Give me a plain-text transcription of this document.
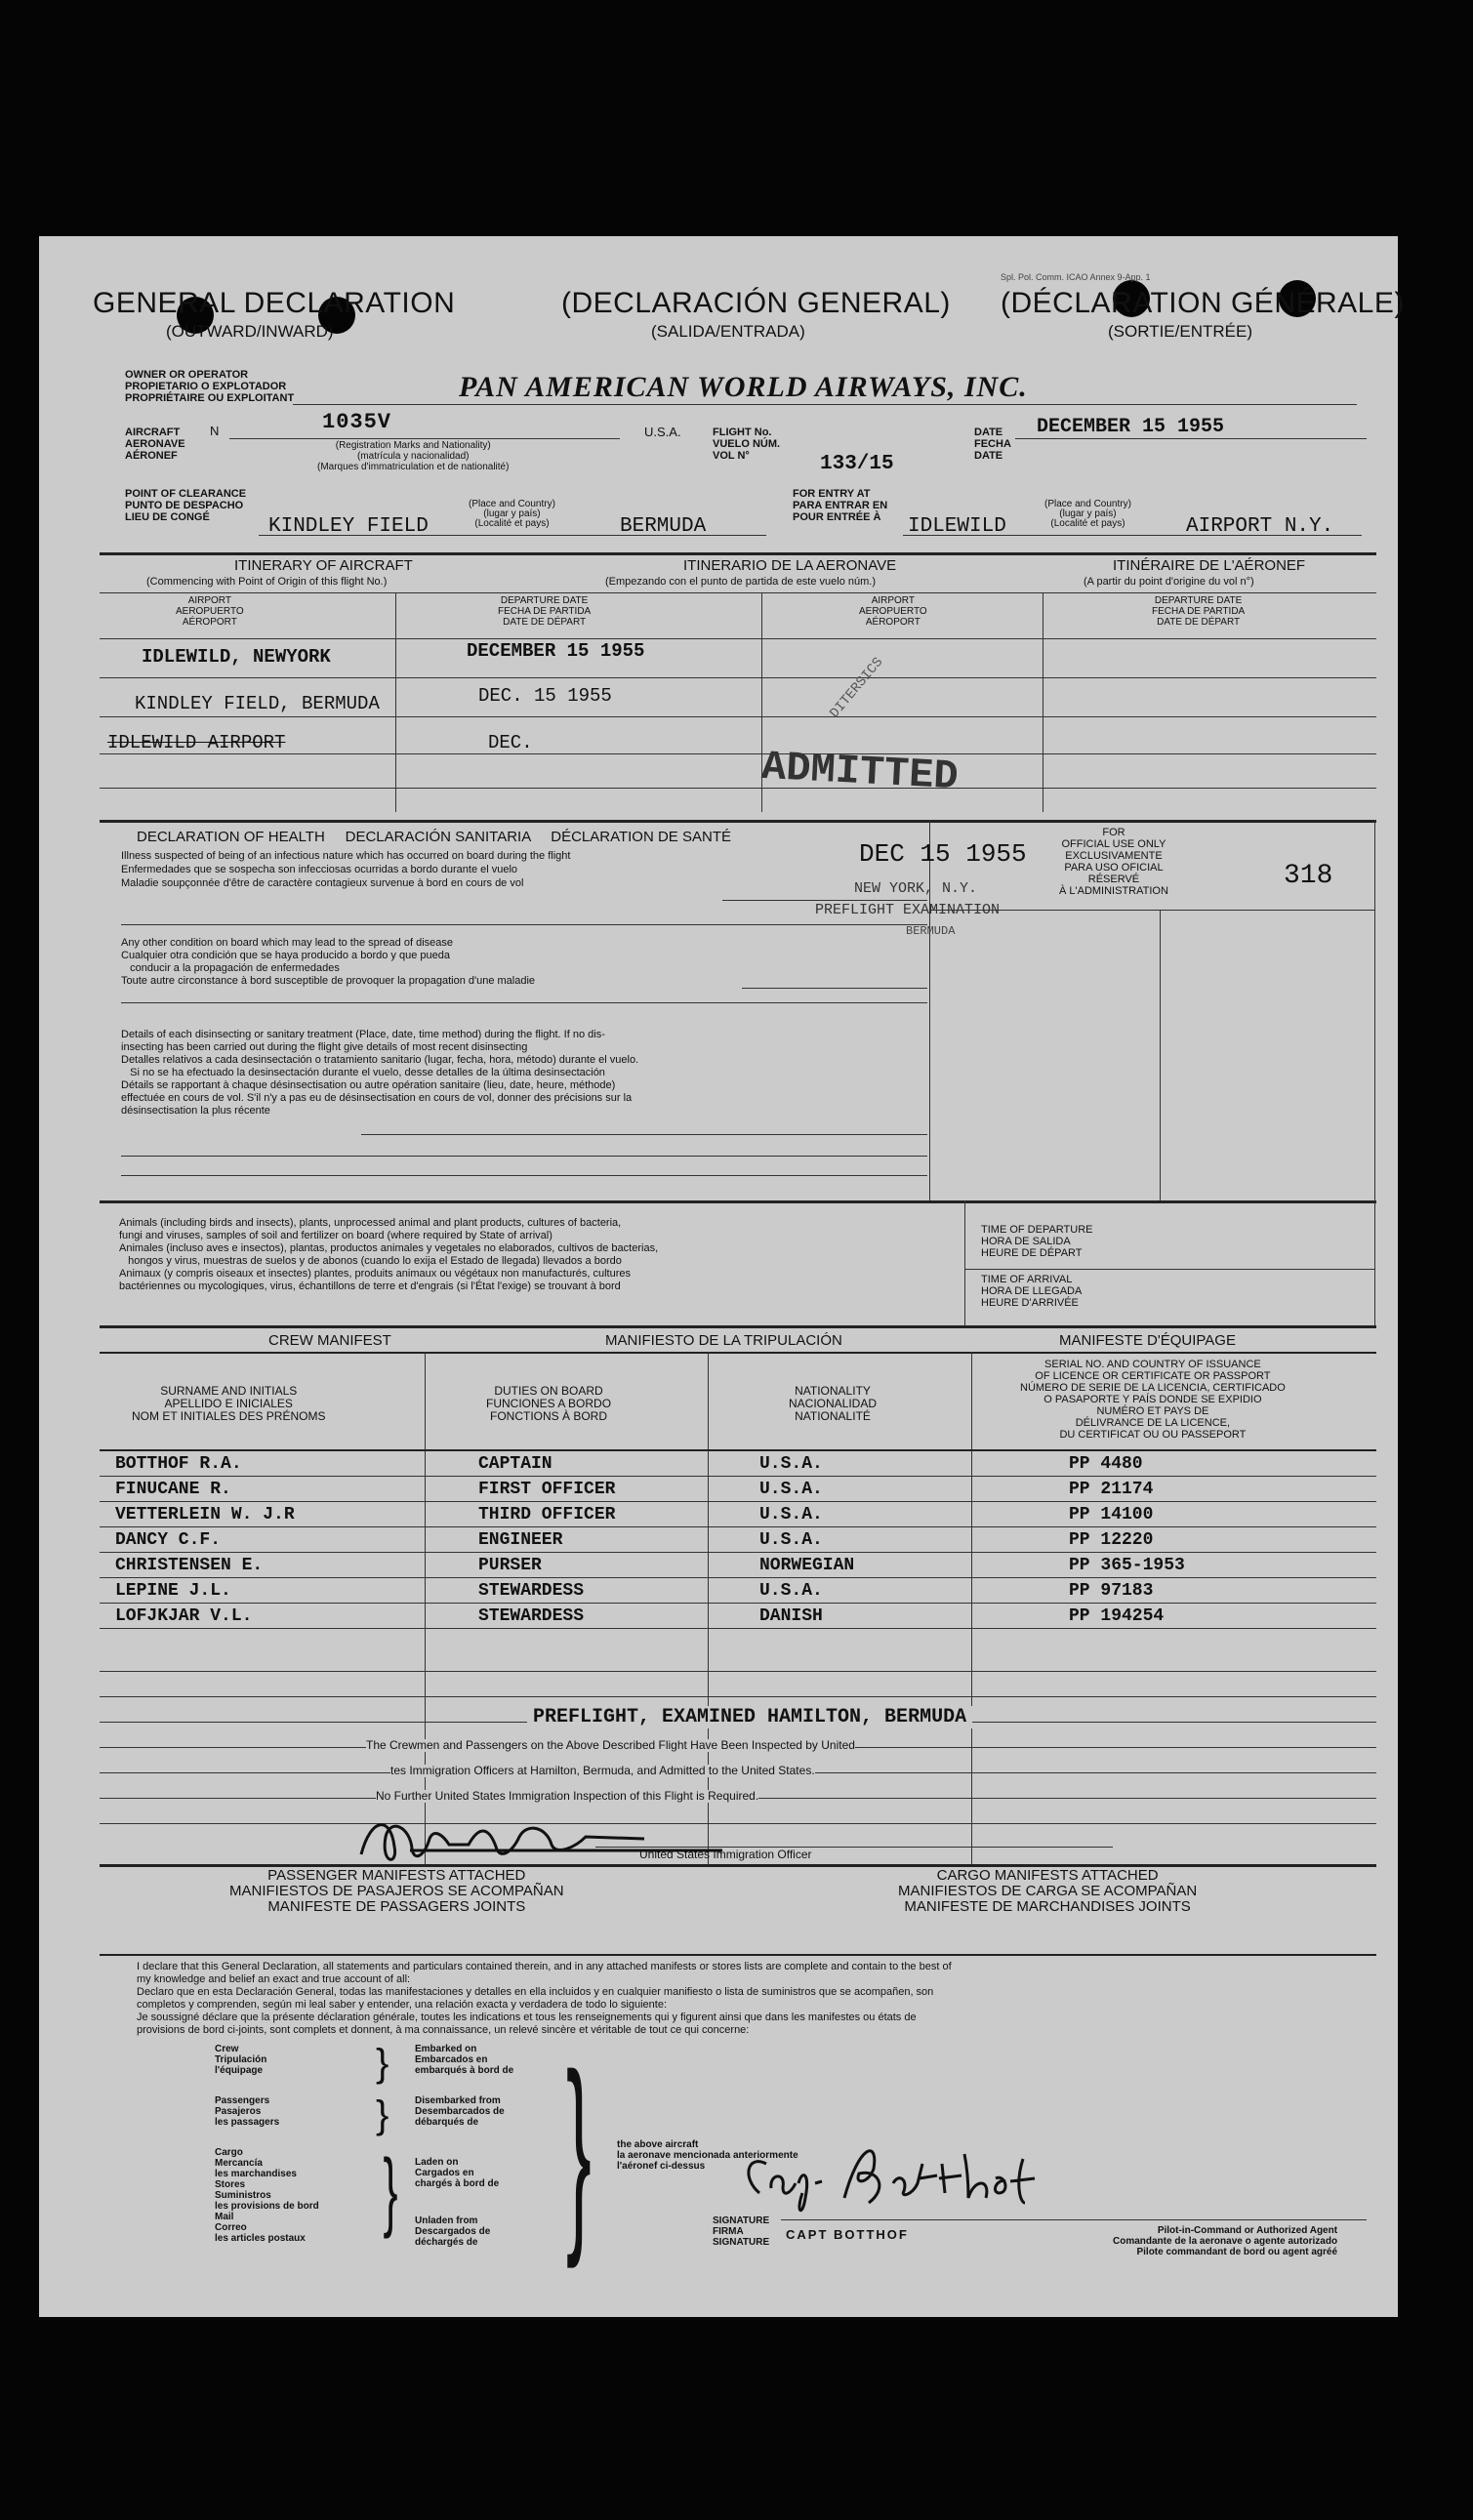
Spl. Pol. Comm. ICAO Annex 9-App. 1
GENERAL DECLARATION
(OUTWARD/INWARD)
(DECLARACIÓN GENERAL)
(SALIDA/ENTRADA)
(DÉCLARATION GÉNÉRALE)
(SORTIE/ENTRÉE)
OWNER OR OPERATOR
PROPIETARIO O EXPLOTADOR
PROPRIÉTAIRE OU EXPLOITANT	PAN AMERICAN WORLD AIRWAYS, INC.
AIRCRAFT
AERONAVE
AÉRONEF
N	1035V
(Registration Marks and Nationality)
(matrícula y nacionalidad)
(Marques d'immatriculation et de nationalité)
U.S.A.	FLIGHT No.
VUELO NÚM.
VOL N°	133/15
DATE
FECHA
DATE
DECEMBER 15 1955
POINT OF CLEARANCE
PUNTO DE DESPACHO
LIEU DE CONGÉ
(Place and Country)
(lugar y país)
(Localité et pays)
KINDLEY FIELD	BERMUDA
FOR ENTRY AT
PARA ENTRAR EN
POUR ENTRÉE À
(Place and Country)
(lugar y país)
(Localité et pays)
IDLEWILD	AIRPORT N.Y.
ITINERARY OF AIRCRAFT
(Commencing with Point of Origin of this flight No.)
ITINERARIO DE LA AERONAVE
(Empezando con el punto de partida de este vuelo núm.)
ITINÉRAIRE DE L'AÉRONEF
(A partir du point d'origine du vol n°)
AIRPORT
AEROPUERTO
AÉROPORT
DEPARTURE DATE
FECHA DE PARTIDA
DATE DE DÉPART
AIRPORT
AEROPUERTO
AÉROPORT
DEPARTURE DATE
FECHA DE PARTIDA
DATE DE DÉPART
IDLEWILD, NEWYORK	DECEMBER 15 1955
KINDLEY FIELD, BERMUDA	DEC. 15 1955
IDLEWILD AIRPORT	DEC.
ADMITTED
DITERSICS
DECLARATION OF HEALTH     DECLARACIÓN SANITARIA     DÉCLARATION DE SANTÉ
Illness suspected of being of an infectious nature which has occurred on board during the flight
Enfermedades que se sospecha son infecciosas ocurridas a bordo durante el vuelo
Maladie soupçonnée d'être de caractère contagieux survenue à bord en cours de vol
Any other condition on board which may lead to the spread of disease
Cualquier otra condición que se haya producido a bordo y que pueda
conducir a la propagación de enfermedades
Toute autre circonstance à bord susceptible de provoquer la propagation d'une maladie
Details of each disinsecting or sanitary treatment (Place, date, time method) during the flight. If no dis-
insecting has been carried out during the flight give details of most recent disinsecting
Detalles relativos a cada desinsectación o tratamiento sanitario (lugar, fecha, hora, método) durante el vuelo.
Si no se ha efectuado la desinsectación durante el vuelo, desse detalles de la última desinsectación
Détails se rapportant à chaque désinsectisation ou autre opération sanitaire (lieu, date, heure, méthode)
effectuée en cours de vol. S'il n'y a pas eu de désinsectisation en cours de vol, donner des précisions sur la
désinsectisation la plus récente
DEC 15 1955
NEW YORK, N.Y.
PREFLIGHT EXAMINATION
BERMUDA
FOR
OFFICIAL USE ONLY
EXCLUSIVAMENTE
PARA USO OFICIAL
RÉSERVÉ
À L'ADMINISTRATION	318
Animals (including birds and insects), plants, unprocessed animal and plant products, cultures of bacteria,
fungi and viruses, samples of soil and fertilizer on board (where required by State of arrival)
Animales (incluso aves e insectos), plantas, productos animales y vegetales no elaborados, cultivos de bacterias,
hongos y virus, muestras de suelos y de abonos (cuando lo exija el Estado de llegada) llevados a bordo
Animaux (y compris oiseaux et insectes) plantes, produits animaux ou végétaux non manufacturés, cultures
bactériennes ou mycologiques, virus, échantillons de terre et d'engrais (si l'État l'exige) se trouvant à bord
TIME OF DEPARTURE
HORA DE SALIDA
HEURE DE DÉPART
TIME OF ARRIVAL
HORA DE LLEGADA
HEURE D'ARRIVÉE
CREW MANIFEST	MANIFIESTO DE LA TRIPULACIÓN	MANIFESTE D'ÉQUIPAGE
SURNAME AND INITIALS
APELLIDO E INICIALES
NOM ET INITIALES DES PRÉNOMS
DUTIES ON BOARD
FUNCIONES A BORDO
FONCTIONS À BORD
NATIONALITY
NACIONALIDAD
NATIONALITÉ
SERIAL NO. AND COUNTRY OF ISSUANCE
OF LICENCE OR CERTIFICATE OR PASSPORT
NÚMERO DE SERIE DE LA LICENCIA, CERTIFICADO
O PASAPORTE Y PAÍS DONDE SE EXPIDIO
NUMÉRO ET PAYS DE
DÉLIVRANCE DE LA LICENCE,
DU CERTIFICAT OU OU PASSEPORT
BOTTHOF R.A.	CAPTAIN	U.S.A.	PP 4480
FINUCANE R.	FIRST OFFICER	U.S.A.	PP 21174
VETTERLEIN W. J.R	THIRD OFFICER	U.S.A.	PP 14100
DANCY C.F.	ENGINEER	U.S.A.	PP 12220
CHRISTENSEN E.	PURSER	NORWEGIAN	PP 365-1953
LEPINE J.L.	STEWARDESS	U.S.A.	PP 97183
LOFJKJAR V.L.	STEWARDESS	DANISH	PP 194254
PREFLIGHT, EXAMINED HAMILTON, BERMUDA
The Crewmen and Passengers on the Above Described Flight Have Been Inspected by United
tes Immigration Officers at Hamilton, Bermuda, and Admitted to the United States.
No Further United States Immigration Inspection of this Flight is Required.
United States Immigration Officer
PASSENGER MANIFESTS ATTACHED
MANIFIESTOS DE PASAJEROS SE ACOMPAÑAN
MANIFESTE DE PASSAGERS JOINTS
CARGO MANIFESTS ATTACHED
MANIFIESTOS DE CARGA SE ACOMPAÑAN
MANIFESTE DE MARCHANDISES JOINTS
I declare that this General Declaration, all statements and particulars contained therein, and in any attached manifests or stores lists are complete and contain to the best of
my knowledge and belief an exact and true account of all:
Declaro que en esta Declaración General, todas las manifestaciones y detalles en ella incluidos y en cualquier manifiesto o lista de suministros que se acompañen, son
completos y comprenden, según mi leal saber y entender, una relación exacta y verdadera de todo lo siguiente:
Je soussigné déclare que la présente déclaration générale, toutes les indications et tous les renseignements qui y figurent ainsi que dans les manifestes ou états de
provisions de bord ci-joints, sont complets et donnent, à ma connaissance, un relevé sincère et véritable de tout ce qui concerne:
Crew
Tripulación
l'équipage
Passengers
Pasajeros
les passagers
Cargo
Mercancía
les marchandises
Stores
Suministros
les provisions de bord
Mail
Correo
les articles postaux
}
}
}
Embarked on
Embarcados en
embarqués à bord de
Disembarked from
Desembarcados de
débarqués de
Laden on
Cargados en
chargés à bord de
Unladen from
Descargados de
déchargés de }	the above aircraft
la aeronave mencionada anteriormente
l'aéronef ci-dessus
SIGNATURE
FIRMA
SIGNATURE
CAPT BOTTHOF	Pilot-in-Command or Authorized Agent
Comandante de la aeronave o agente autorizado
Pilote commandant de bord ou agent agréé
